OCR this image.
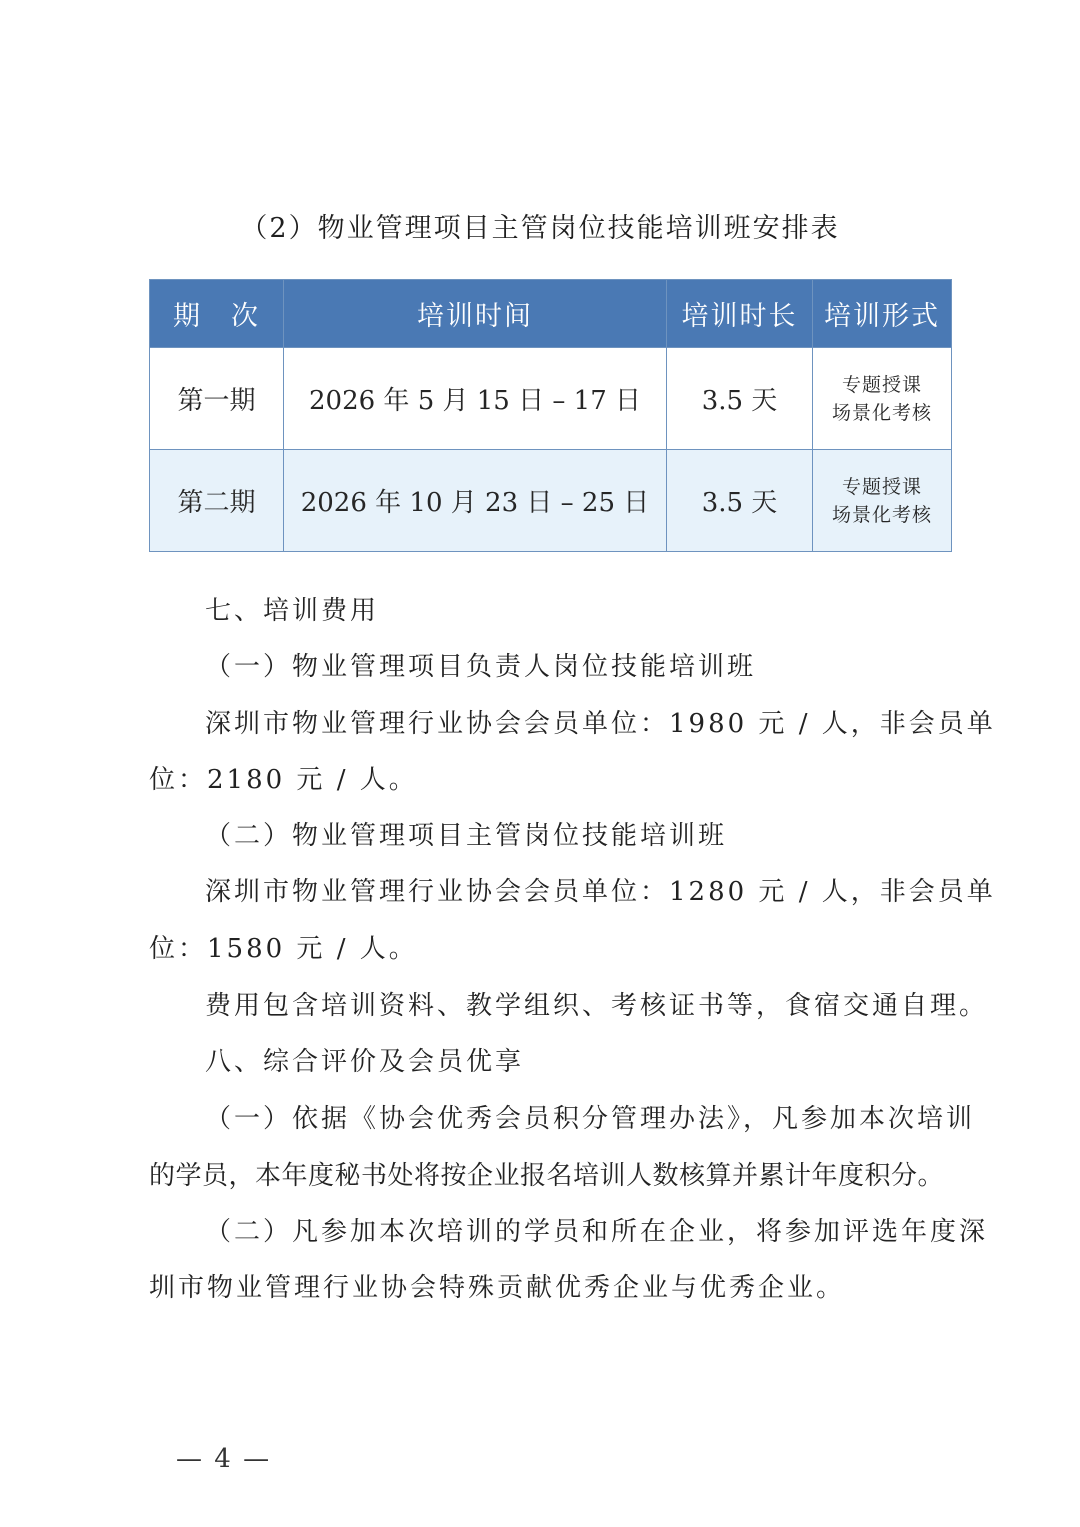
（2）物业管理项目主管岗位技能培训班安排表
期　次	培训时间	培训时长	培训形式
第一期	2026 年 5 月 15 日 – 17 日	3.5 天	专题授课
场景化考核

第二期	2026 年 10 月 23 日 – 25 日	3.5 天	专题授课
场景化考核
七、培训费用
（一）物业管理项目负责人岗位技能培训班
深圳市物业管理行业协会会员单位：1980 元 / 人，非会员单
位：2180 元 / 人。
（二）物业管理项目主管岗位技能培训班
深圳市物业管理行业协会会员单位：1280 元 / 人，非会员单
位：1580 元 / 人。
费用包含培训资料、教学组织、考核证书等，食宿交通自理。
八、综合评价及会员优享
（一）依据《协会优秀会员积分管理办法》，凡参加本次培训
的学员，本年度秘书处将按企业报名培训人数核算并累计年度积分。
（二）凡参加本次培训的学员和所在企业，将参加评选年度深
圳市物业管理行业协会特殊贡献优秀企业与优秀企业。
— 4 —
